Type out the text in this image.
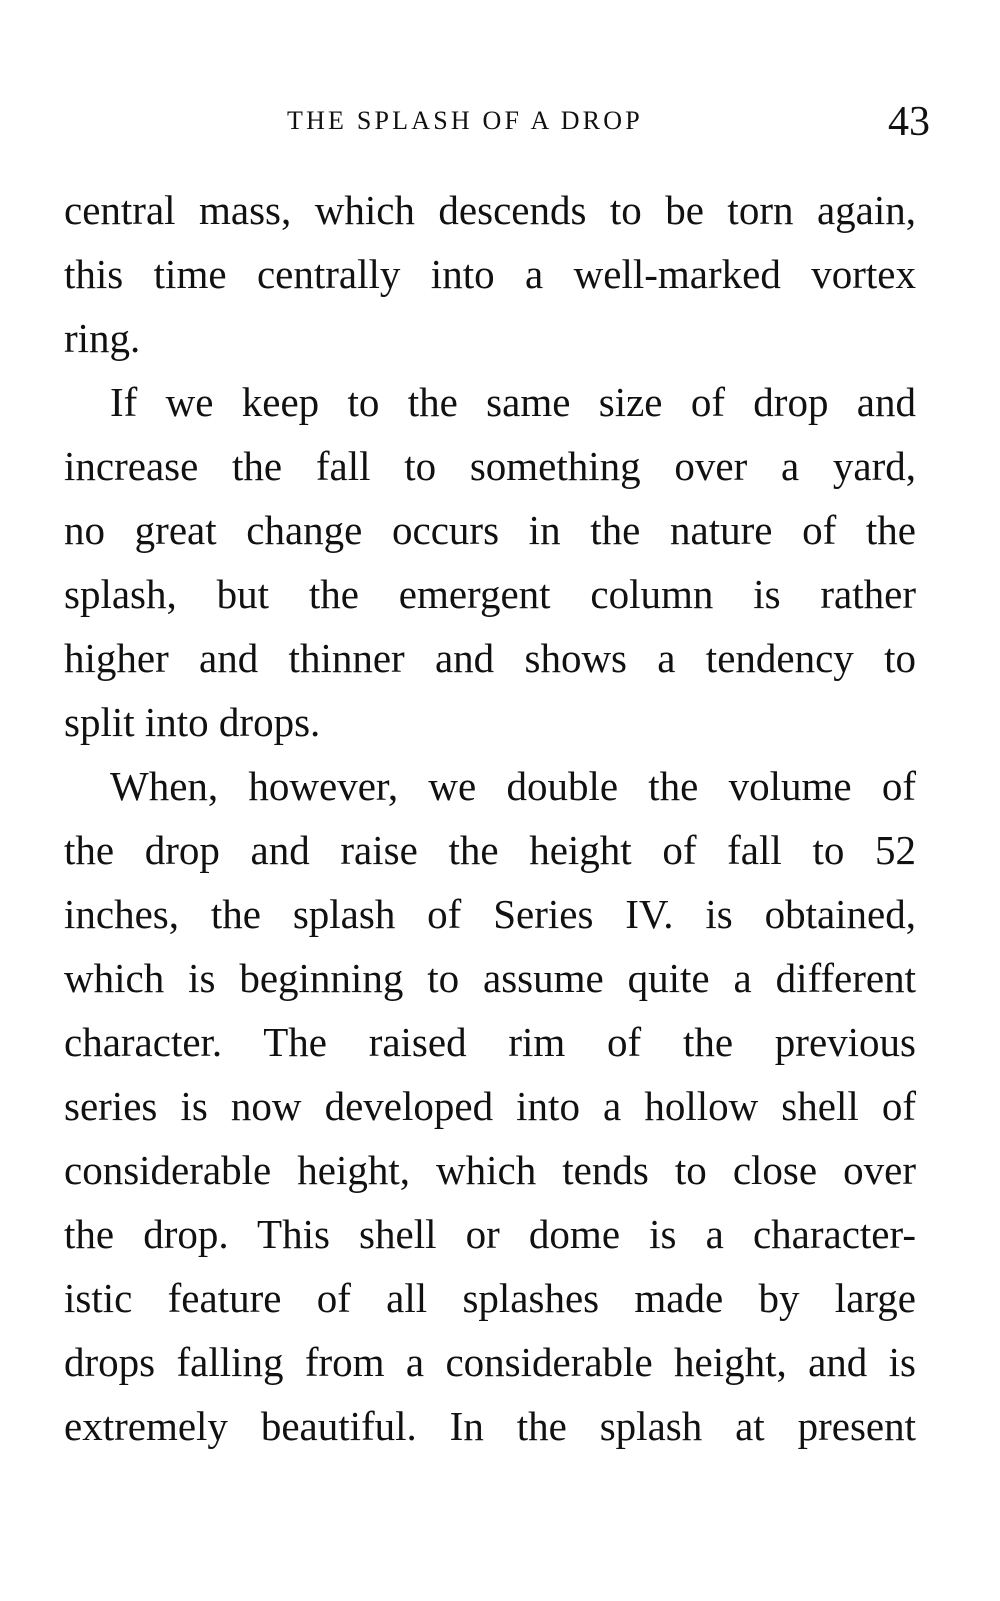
THE SPLASH OF A DROP	43
central mass, which descends to be torn again,
this time centrally into a well-marked vortex
ring.
If we keep to the same size of drop and
increase the fall to something over a yard,
no great change occurs in the nature of the
splash, but the emergent column is rather
higher and thinner and shows a tendency to
split into drops.
When, however, we double the volume of
the drop and raise the height of fall to 52
inches, the splash of Series IV. is obtained,
which is beginning to assume quite a different
character. The raised rim of the previous
series is now developed into a hollow shell of
considerable height, which tends to close over
the drop. This shell or dome is a character-
istic feature of all splashes made by large
drops falling from a considerable height, and is
extremely beautiful. In the splash at present
